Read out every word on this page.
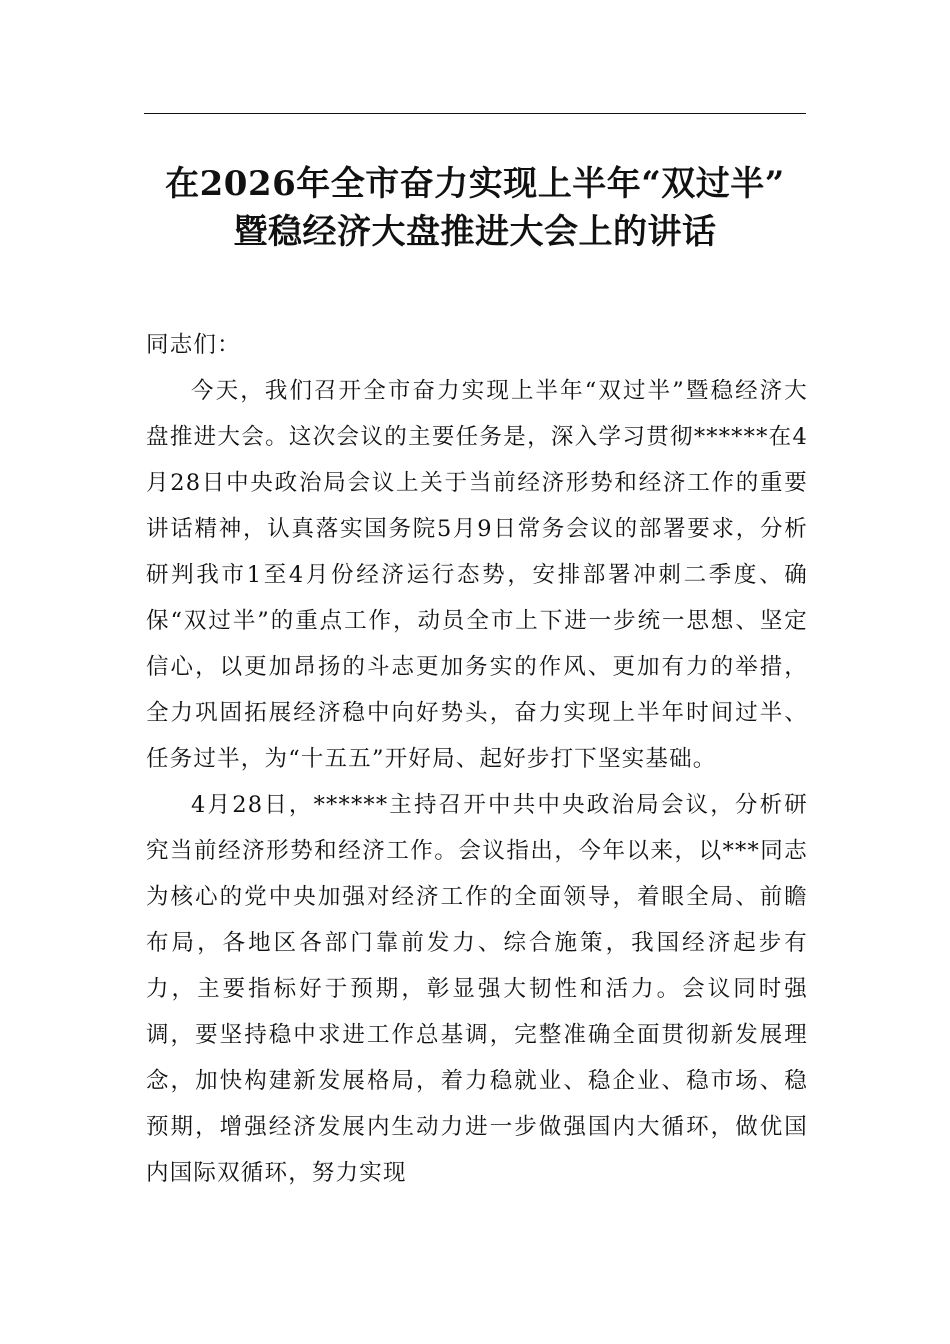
在2026年全市奋力实现上半年“双过半”
暨稳经济大盘推进大会上的讲话

同志们：

今天，我们召开全市奋力实现上半年“双过半”暨稳经济大盘推进大会。这次会议的主要任务是，深入学习贯彻******在4月28日中央政治局会议上关于当前经济形势和经济工作的重要讲话精神，认真落实国务院5月9日常务会议的部署要求，分析研判我市1至4月份经济运行态势，安排部署冲刺二季度、确保“双过半”的重点工作，动员全市上下进一步统一思想、坚定信心，以更加昂扬的斗志更加务实的作风、更加有力的举措，全力巩固拓展经济稳中向好势头，奋力实现上半年时间过半、任务过半，为“十五五”开好局、起好步打下坚实基础。

4月28日，******主持召开中共中央政治局会议，分析研究当前经济形势和经济工作。会议指出，今年以来，以***同志为核心的党中央加强对经济工作的全面领导，着眼全局、前瞻布局，各地区各部门靠前发力、综合施策，我国经济起步有力，主要指标好于预期，彰显强大韧性和活力。会议同时强调，要坚持稳中求进工作总基调，完整准确全面贯彻新发展理念，加快构建新发展格局，着力稳就业、稳企业、稳市场、稳预期，增强经济发展内生动力进一步做强国内大循环，做优国内国际双循环，努力实现
